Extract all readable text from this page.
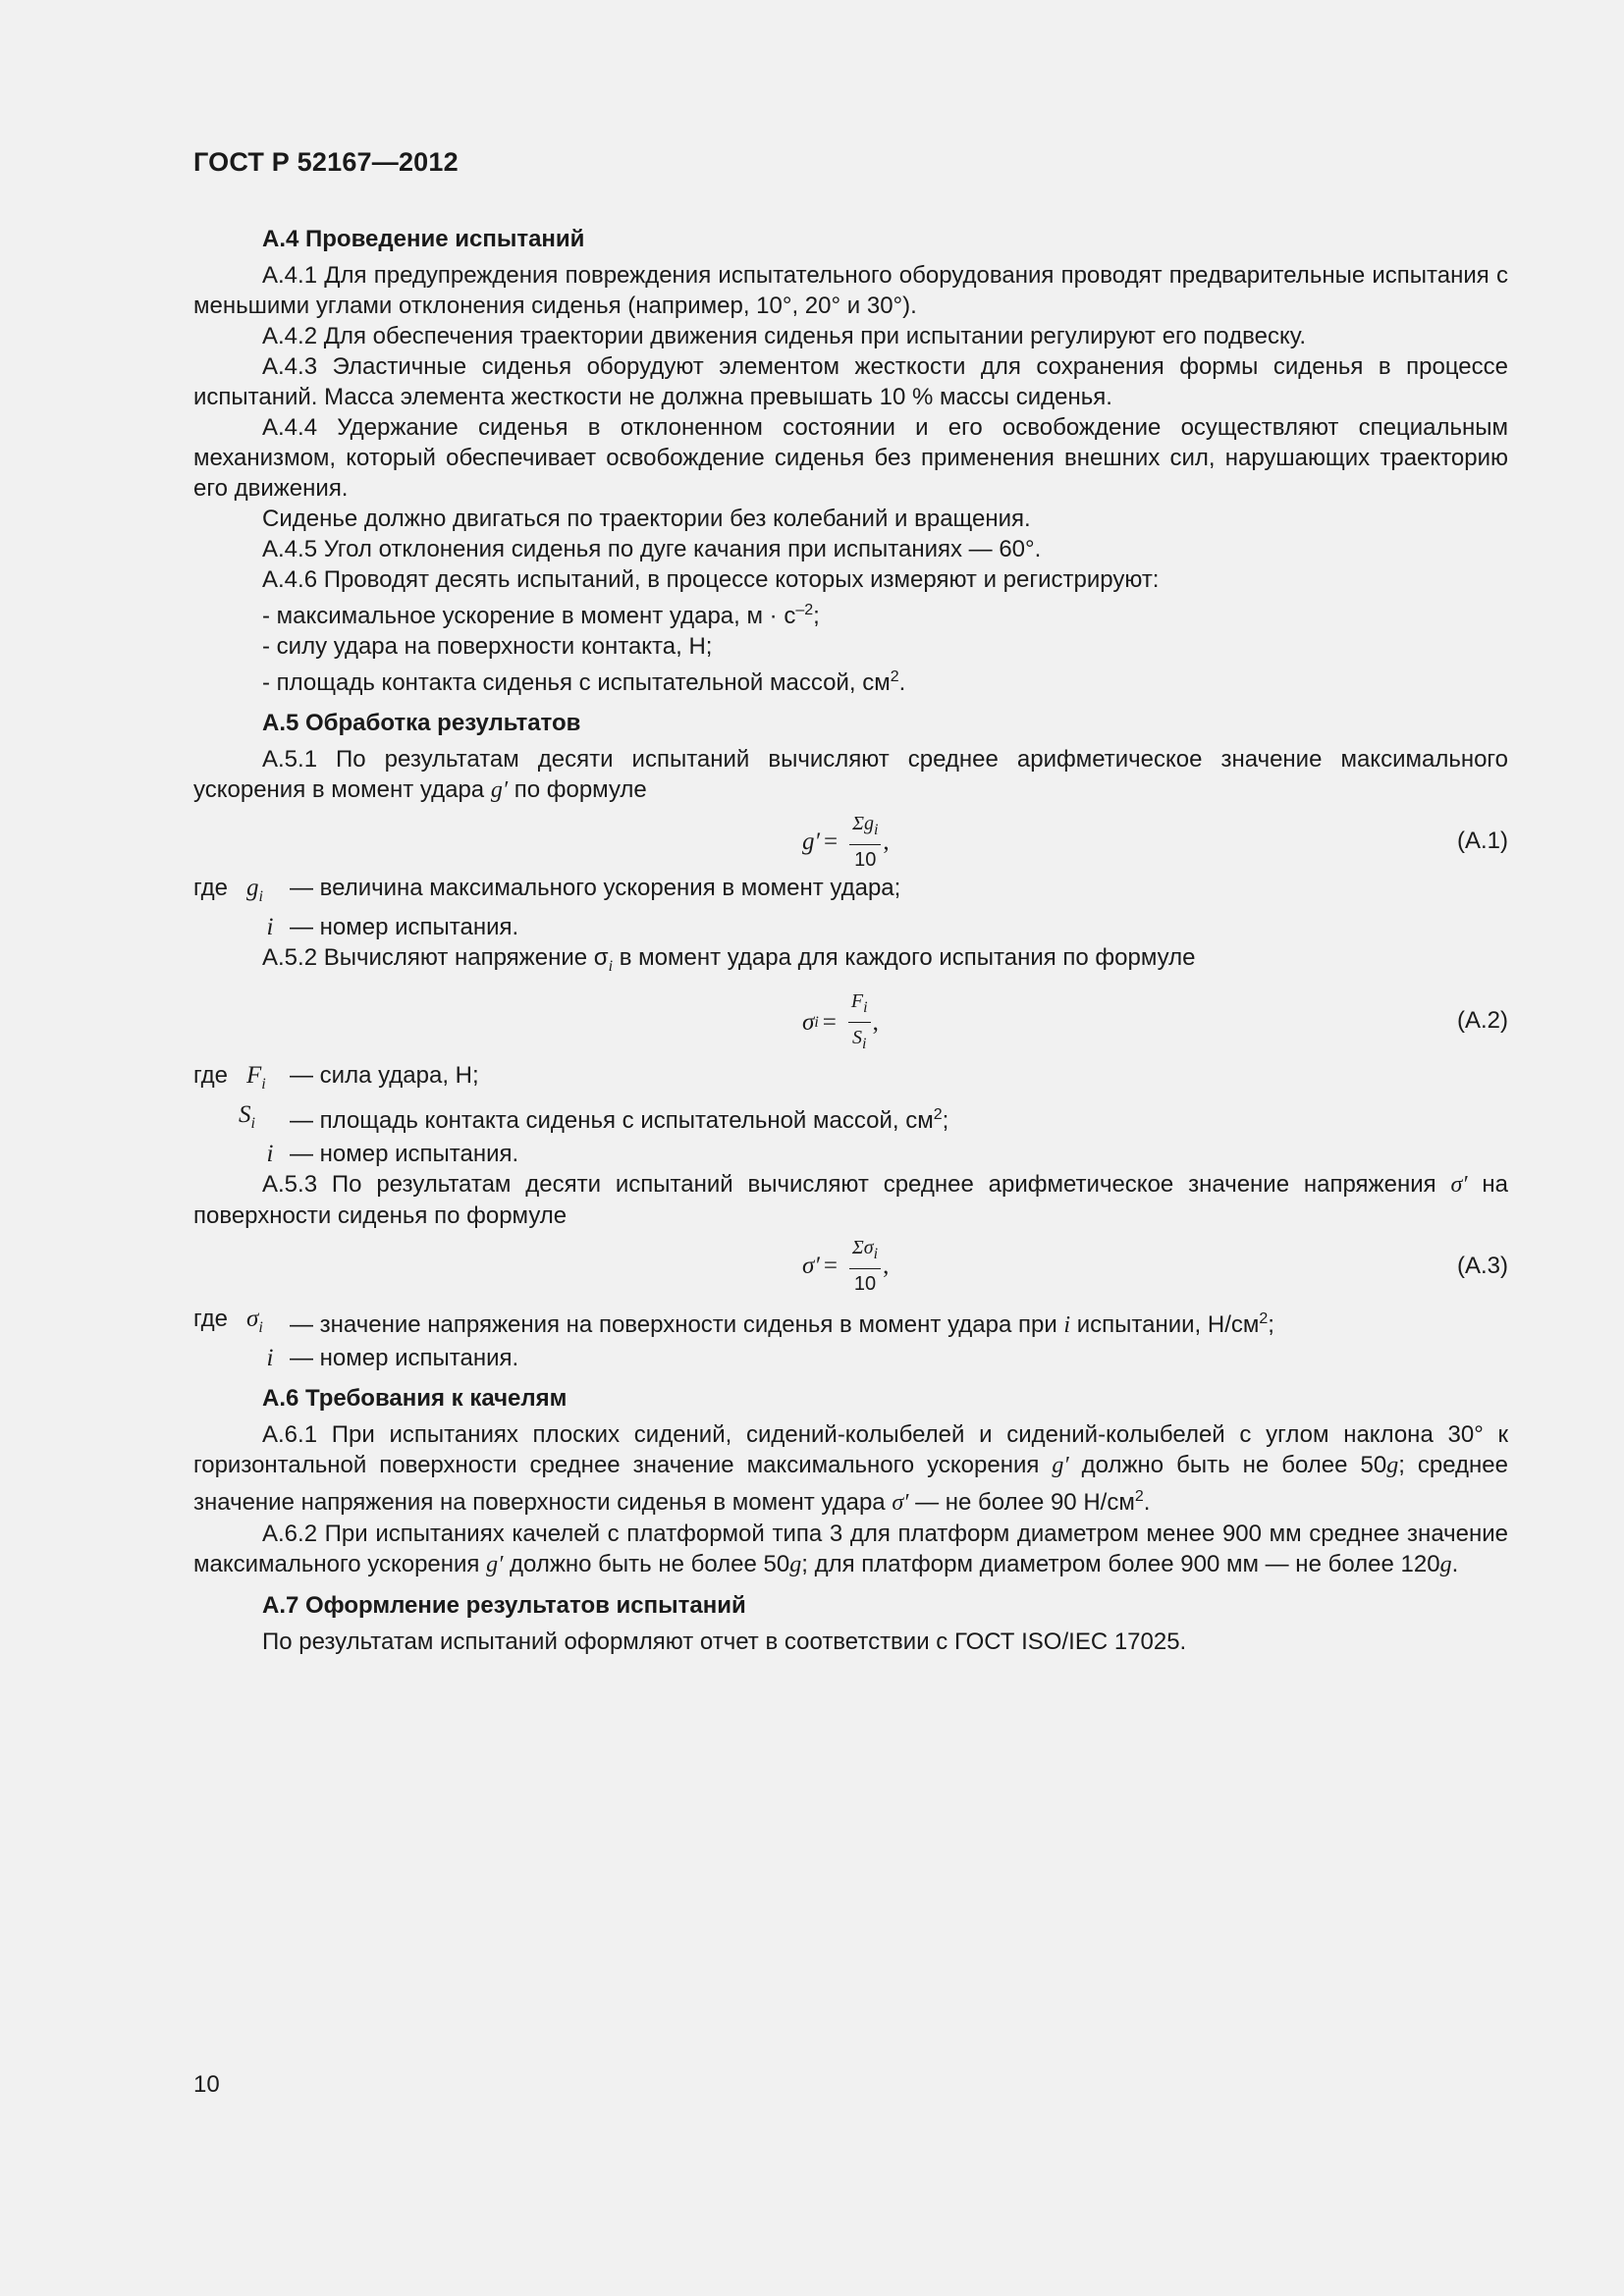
ГОСТ Р 52167—2012

А.4 Проведение испытаний

А.4.1 Для предупреждения повреждения испытательного оборудования проводят предварительные испытания с меньшими углами отклонения сиденья (например, 10°, 20° и 30°).

А.4.2 Для обеспечения траектории движения сиденья при испытании регулируют его подвеску.

А.4.3 Эластичные сиденья оборудуют элементом жесткости для сохранения формы сиденья в процессе испытаний. Масса элемента жесткости не должна превышать 10 % массы сиденья.

А.4.4 Удержание сиденья в отклоненном состоянии и его освобождение осуществляют специальным механизмом, который обеспечивает освобождение сиденья без применения внешних сил, нарушающих траекторию его движения.

Сиденье должно двигаться по траектории без колебаний и вращения.

А.4.5 Угол отклонения сиденья по дуге качания при испытаниях — 60°.

А.4.6 Проводят десять испытаний, в процессе которых измеряют и регистрируют:

- максимальное ускорение в момент удара, $м \cdot с^{-2}$;

- силу удара на поверхности контакта, Н;

- площадь контакта сиденья с испытательной массой, $см^2$.

А.5 Обработка результатов

А.5.1 По результатам десяти испытаний вычисляют среднее арифметическое значение максимального ускорения в момент удара g′ по формуле

$g' = \frac{\Sigma g_i}{10}$ ,	(А.1)

где $g_i$	— величина максимального ускорения в момент удара;

i — номер испытания.

А.5.2 Вычисляют напряжение $\sigma_i$ в момент удара для каждого испытания по формуле

σ $i = \frac{F_i}{S_i}$ ,	(А.2)

где $F_i$	— сила удара, Н;

$S_i$	— площадь контакта сиденья с испытательной массой, $см^2$;

i — номер испытания.

А.5.3 По результатам десяти испытаний вычисляют среднее арифметическое значение напряжения σ′ на поверхности сиденья по формуле

$\sigma' = \frac{\Sigma\sigma_i}{10}$ ,	(А.3)

где $\sigma_i$	— значение напряжения на поверхности сиденья в момент удара при i испытании, $Н/см^2$;

i — номер испытания.

А.6 Требования к качелям

А.6.1 При испытаниях плоских сидений, сидений-колыбелей и сидений-колыбелей с углом наклона 30° к горизонтальной поверхности среднее значение максимального ускорения g′ должно быть не более 50g; среднее значение напряжения на поверхности сиденья в момент удара σ′ — не более 90 $Н/см^2$.

А.6.2 При испытаниях качелей с платформой типа 3 для платформ диаметром менее 900 мм среднее значение максимального ускорения g′ должно быть не более 50g; для платформ диаметром более 900 мм — не более 120g.

А.7 Оформление результатов испытаний

По результатам испытаний оформляют отчет в соответствии с ГОСТ ISO/IEC 17025.

10
